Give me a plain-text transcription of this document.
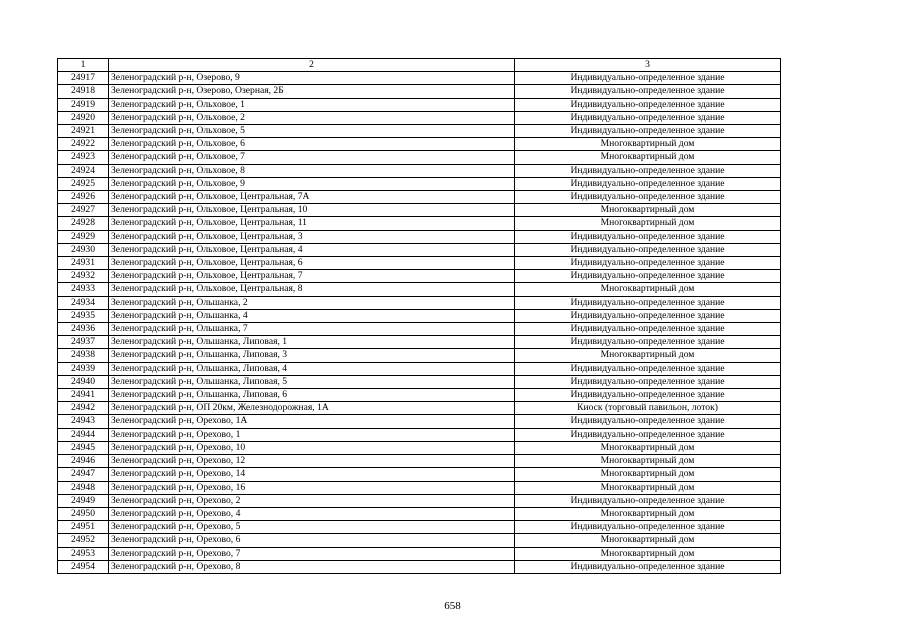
1	2	3
24917	Зеленоградский р-н, Озерово, 9	Индивидуально-определенное здание
24918	Зеленоградский р-н, Озерово, Озерная, 2Б	Индивидуально-определенное здание
24919	Зеленоградский р-н, Ольховое, 1	Индивидуально-определенное здание
24920	Зеленоградский р-н, Ольховое, 2	Индивидуально-определенное здание
24921	Зеленоградский р-н, Ольховое, 5	Индивидуально-определенное здание
24922	Зеленоградский р-н, Ольховое, 6	Многоквартирный дом
24923	Зеленоградский р-н, Ольховое, 7	Многоквартирный дом
24924	Зеленоградский р-н, Ольховое, 8	Индивидуально-определенное здание
24925	Зеленоградский р-н, Ольховое, 9	Индивидуально-определенное здание
24926	Зеленоградский р-н, Ольховое, Центральная, 7А	Индивидуально-определенное здание
24927	Зеленоградский р-н, Ольховое, Центральная, 10	Многоквартирный дом
24928	Зеленоградский р-н, Ольховое, Центральная, 11	Многоквартирный дом
24929	Зеленоградский р-н, Ольховое, Центральная, 3	Индивидуально-определенное здание
24930	Зеленоградский р-н, Ольховое, Центральная, 4	Индивидуально-определенное здание
24931	Зеленоградский р-н, Ольховое, Центральная, 6	Индивидуально-определенное здание
24932	Зеленоградский р-н, Ольховое, Центральная, 7	Индивидуально-определенное здание
24933	Зеленоградский р-н, Ольховое, Центральная, 8	Многоквартирный дом
24934	Зеленоградский р-н, Ольшанка, 2	Индивидуально-определенное здание
24935	Зеленоградский р-н, Ольшанка, 4	Индивидуально-определенное здание
24936	Зеленоградский р-н, Ольшанка, 7	Индивидуально-определенное здание
24937	Зеленоградский р-н, Ольшанка, Липовая, 1	Индивидуально-определенное здание
24938	Зеленоградский р-н, Ольшанка, Липовая, 3	Многоквартирный дом
24939	Зеленоградский р-н, Ольшанка, Липовая, 4	Индивидуально-определенное здание
24940	Зеленоградский р-н, Ольшанка, Липовая, 5	Индивидуально-определенное здание
24941	Зеленоградский р-н, Ольшанка, Липовая, 6	Индивидуально-определенное здание
24942	Зеленоградский р-н, ОП 20км, Железнодорожная, 1А	Киоск (торговый павильон, лоток)
24943	Зеленоградский р-н, Орехово, 1А	Индивидуально-определенное здание
24944	Зеленоградский р-н, Орехово, 1	Индивидуально-определенное здание
24945	Зеленоградский р-н, Орехово, 10	Многоквартирный дом
24946	Зеленоградский р-н, Орехово, 12	Многоквартирный дом
24947	Зеленоградский р-н, Орехово, 14	Многоквартирный дом
24948	Зеленоградский р-н, Орехово, 16	Многоквартирный дом
24949	Зеленоградский р-н, Орехово, 2	Индивидуально-определенное здание
24950	Зеленоградский р-н, Орехово, 4	Многоквартирный дом
24951	Зеленоградский р-н, Орехово, 5	Индивидуально-определенное здание
24952	Зеленоградский р-н, Орехово, 6	Многоквартирный дом
24953	Зеленоградский р-н, Орехово, 7	Многоквартирный дом
24954	Зеленоградский р-н, Орехово, 8	Индивидуально-определенное здание
658
